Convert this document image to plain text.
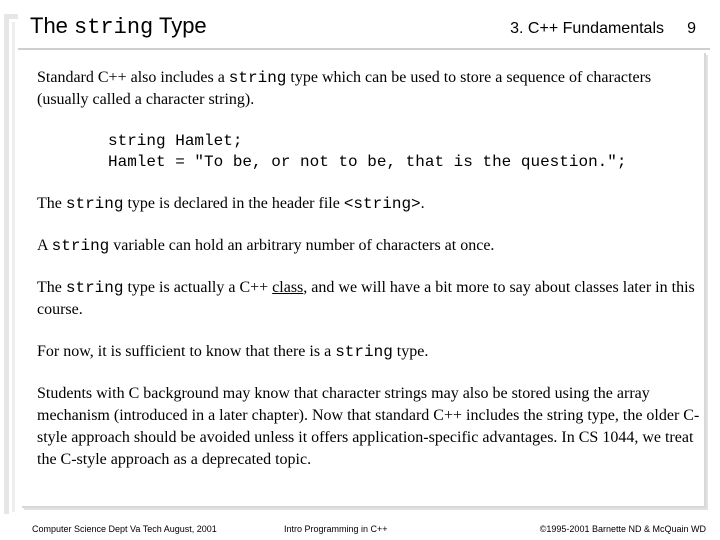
The string Type	3. C++ Fundamentals 9
Standard C++ also includes a string type which can be used to store a sequence of characters (usually called a character string).
string Hamlet;
Hamlet = "To be, or not to be, that is the question.";
The string type is declared in the header file <string>.
A string variable can hold an arbitrary number of characters at once.
The string type is actually a C++ class, and we will have a bit more to say about classes later in this course.
For now, it is sufficient to know that there is a string type.
Students with C background may know that character strings may also be stored using the array mechanism (introduced in a later chapter). Now that standard C++ includes the string type, the older C-style approach should be avoided unless it offers application-specific advantages. In CS 1044, we treat the C-style approach as a deprecated topic.
Computer Science Dept Va Tech August, 2001	Intro Programming in C++	©1995-2001 Barnette ND & McQuain WD
